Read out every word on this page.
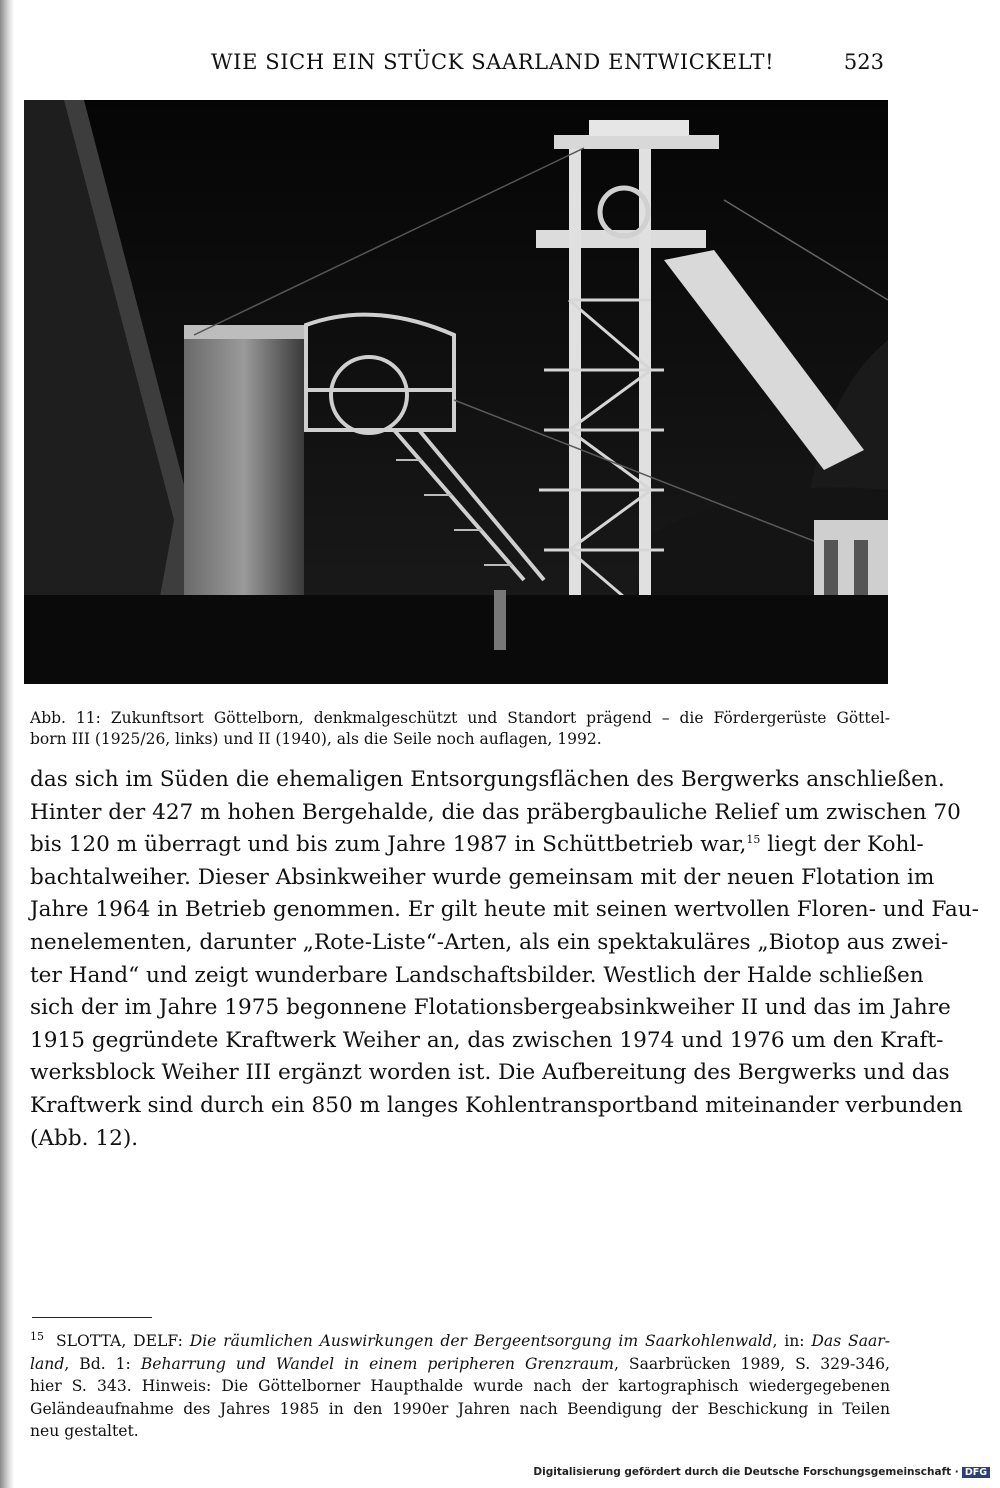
WIE SICH EIN STÜCK SAARLAND ENTWICKELT!	523
Abb. 11: Zukunftsort Göttelborn, denkmalgeschützt und Standort prägend – die Fördergerüste Göttel-
born III (1925/26, links) und II (1940), als die Seile noch auflagen, 1992.
das sich im Süden die ehemaligen Entsorgungsflächen des Bergwerks anschließen.
Hinter der 427 m hohen Bergehalde, die das präbergbauliche Relief um zwischen 70
bis 120 m überragt und bis zum Jahre 1987 in Schüttbetrieb war,$^{15}$ liegt der Kohl-
bachtalweiher. Dieser Absinkweiher wurde gemeinsam mit der neuen Flotation im
Jahre 1964 in Betrieb genommen. Er gilt heute mit seinen wertvollen Floren- und Fau-
nenelementen, darunter „Rote-Liste“-Arten, als ein spektakuläres „Biotop aus zwei-
ter Hand“ und zeigt wunderbare Landschaftsbilder. Westlich der Halde schließen
sich der im Jahre 1975 begonnene Flotationsbergeabsinkweiher II und das im Jahre
1915 gegründete Kraftwerk Weiher an, das zwischen 1974 und 1976 um den Kraft-
werksblock Weiher III ergänzt worden ist. Die Aufbereitung des Bergwerks und das
Kraftwerk sind durch ein 850 m langes Kohlentransportband miteinander verbunden
(Abb. 12).
15 SLOTTA, DELF: Die räumlichen Auswirkungen der Bergeentsorgung im Saarkohlenwald, in: Das Saar-
land, Bd. 1: Beharrung und Wandel in einem peripheren Grenzraum, Saarbrücken 1989, S. 329-346,
hier S. 343. Hinweis: Die Göttelborner Haupthalde wurde nach der kartographisch wiedergegebenen
Geländeaufnahme des Jahres 1985 in den 1990er Jahren nach Beendigung der Beschickung in Teilen
neu gestaltet.
Digitalisierung gefördert durch die Deutsche Forschungsgemeinschaft · DFG
